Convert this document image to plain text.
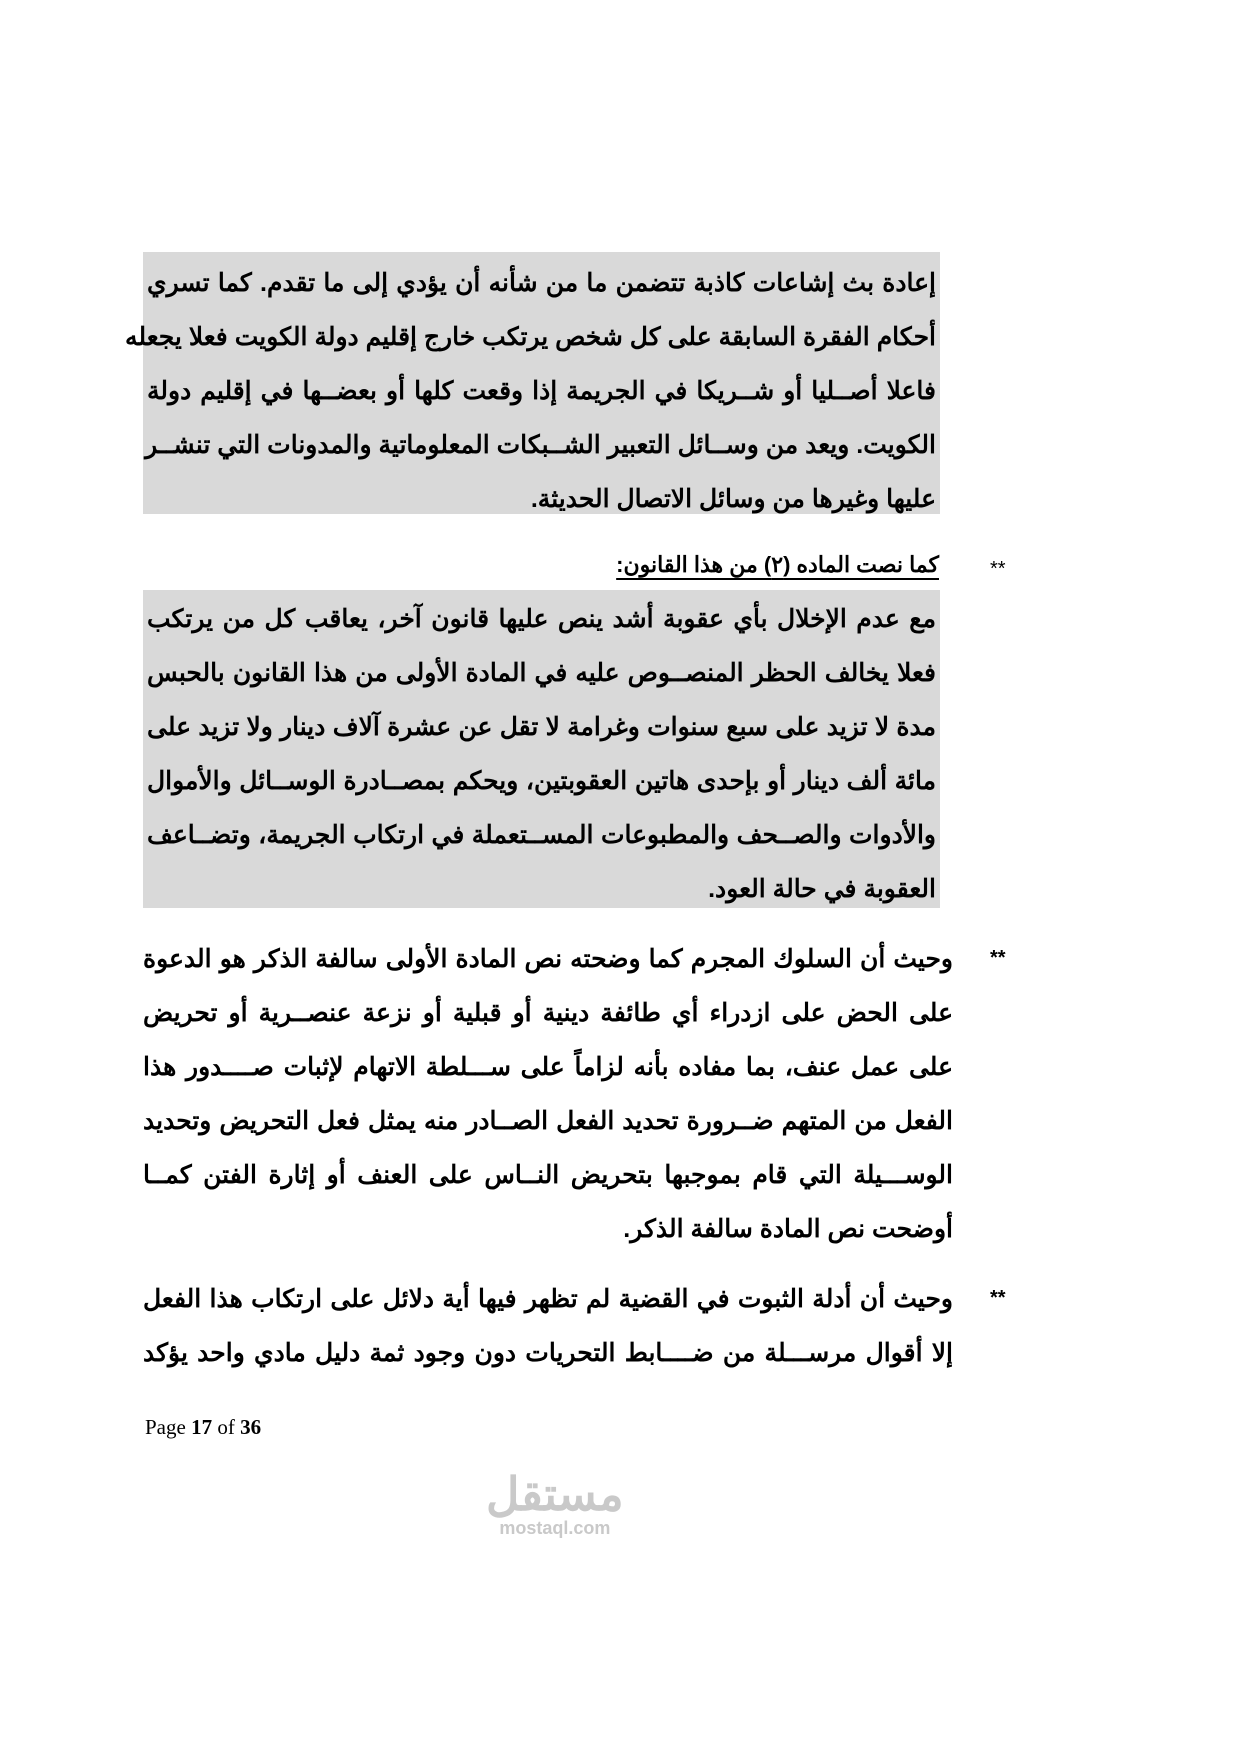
إعادة بث إشاعات كاذبة تتضمن ما من شأنه أن يؤدي إلى ما تقدم. كما تسري
أحكام الفقرة السابقة على كل شخص يرتكب خارج إقليم دولة الكويت فعلا يجعله
فاعلا أصــليا أو شــريكا في الجريمة إذا وقعت كلها أو بعضــها في إقليم دولة
الكويت. ويعد من وســائل التعبير الشــبكات المعلوماتية والمدونات التي تنشــر
عليها وغيرها من وسائل الاتصال الحديثة.
**
كما نصت الماده (٢) من هذا القانون:
مع عدم الإخلال بأي عقوبة أشد ينص عليها قانون آخر، يعاقب كل من يرتكب
فعلا يخالف الحظر المنصــوص عليه في المادة الأولى من هذا القانون بالحبس
مدة لا تزيد على سبع سنوات وغرامة لا تقل عن عشرة آلاف دينار ولا تزيد على
مائة ألف دينار أو بإحدى هاتين العقوبتين، ويحكم بمصــادرة الوســائل والأموال
والأدوات والصــحف والمطبوعات المســتعملة في ارتكاب الجريمة، وتضــاعف
العقوبة في حالة العود.
**
وحيث أن السلوك المجرم كما وضحته نص المادة الأولى سالفة الذكر هو الدعوة
على الحض على ازدراء أي طائفة دينية أو قبلية أو نزعة عنصــرية أو تحريض
على عمل عنف، بما مفاده بأنه لزاماً على ســـلطة الاتهام لإثبات صــــدور هذا
الفعل من المتهم ضــرورة تحديد الفعل الصــادر منه يمثل فعل التحريض وتحديد
الوســـيلة التي قام بموجبها بتحريض النــاس على العنف أو إثارة الفتن كمــا
أوضحت نص المادة سالفة الذكر.
**
وحيث أن أدلة الثبوت في القضية لم تظهر فيها أية دلائل على ارتكاب هذا الفعل
إلا أقوال مرســـلة من ضــــابط التحريات دون وجود ثمة دليل مادي واحد يؤكد
Page 17 of 36
مستقل
mostaql.com
